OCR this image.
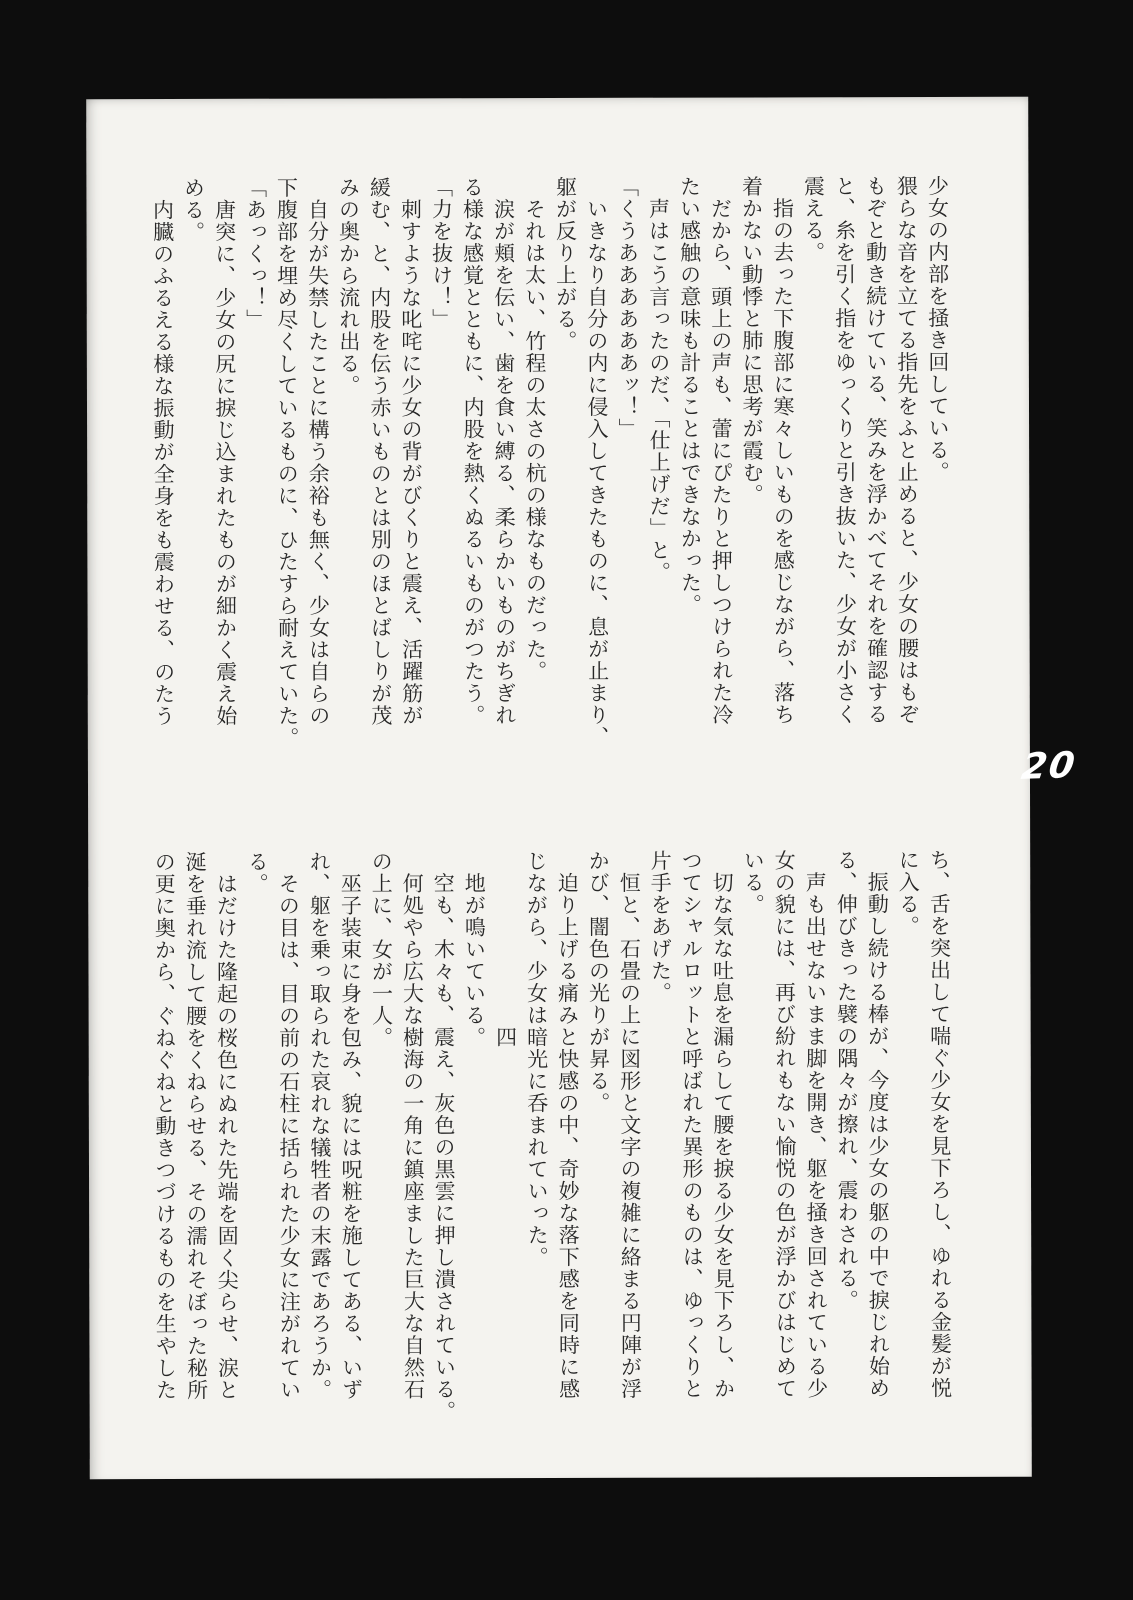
少女の内部を掻き回している。
猥らな音を立てる指先をふと止めると、少女の腰はもぞ
もぞと動き続けている、笑みを浮かべてそれを確認する
と、糸を引く指をゆっくりと引き抜いた、少女が小さく
震える。
　指の去った下腹部に寒々しいものを感じながら、落ち
着かない動悸と肺に思考が霞む。
　だから、頭上の声も、蕾にぴたりと押しつけられた冷
たい感触の意味も計ることはできなかった。
　声はこう言ったのだ、「仕上げだ」と。
「くうああああああッ！」
　いきなり自分の内に侵入してきたものに、息が止まり、
躯が反り上がる。
　それは太い、竹程の太さの杭の様なものだった。
　涙が頬を伝い、歯を食い縛る、柔らかいものがちぎれ
る様な感覚とともに、内股を熱くぬるいものがつたう。
「力を抜け！」
　刺すような叱咤に少女の背がびくりと震え、活躍筋が
緩む、と、内股を伝う赤いものとは別のほとばしりが茂
みの奥から流れ出る。
　自分が失禁したことに構う余裕も無く、少女は自らの
下腹部を埋め尽くしているものに、ひたすら耐えていた。
「あっくっ！」
　唐突に、少女の尻に捩じ込まれたものが細かく震え始
める。
　内臓のふるえる様な振動が全身をも震わせる、のたう
ち、舌を突出して喘ぐ少女を見下ろし、ゆれる金髪が悦
に入る。
　振動し続ける棒が、今度は少女の躯の中で捩じれ始め
る、伸びきった襞の隅々が擦れ、震わされる。
　声も出せないまま脚を開き、躯を掻き回されている少
女の貌には、再び紛れもない愉悦の色が浮かびはじめて
いる。
　切な気な吐息を漏らして腰を捩る少女を見下ろし、か
つてシャルロットと呼ばれた異形のものは、ゆっくりと
片手をあげた。
　恒と、石畳の上に図形と文字の複雑に絡まる円陣が浮
かび、闇色の光りが昇る。
　迫り上げる痛みと快感の中、奇妙な落下感を同時に感
じながら、少女は暗光に呑まれていった。
　　　　　　　　四
　地が鳴いている。
　空も、木々も、震え、灰色の黒雲に押し潰されている。
　何処やら広大な樹海の一角に鎮座ました巨大な自然石
の上に、女が一人。
　巫子装束に身を包み、貌には呪粧を施してある、いず
れ、躯を乗っ取られた哀れな犠牲者の末露であろうか。
　その目は、目の前の石柱に括られた少女に注がれてい
る。
　はだけた隆起の桜色にぬれた先端を固く尖らせ、涙と
涎を垂れ流して腰をくねらせる、その濡れそぼった秘所
の更に奥から、ぐねぐねと動きつづけるものを生やした
20
